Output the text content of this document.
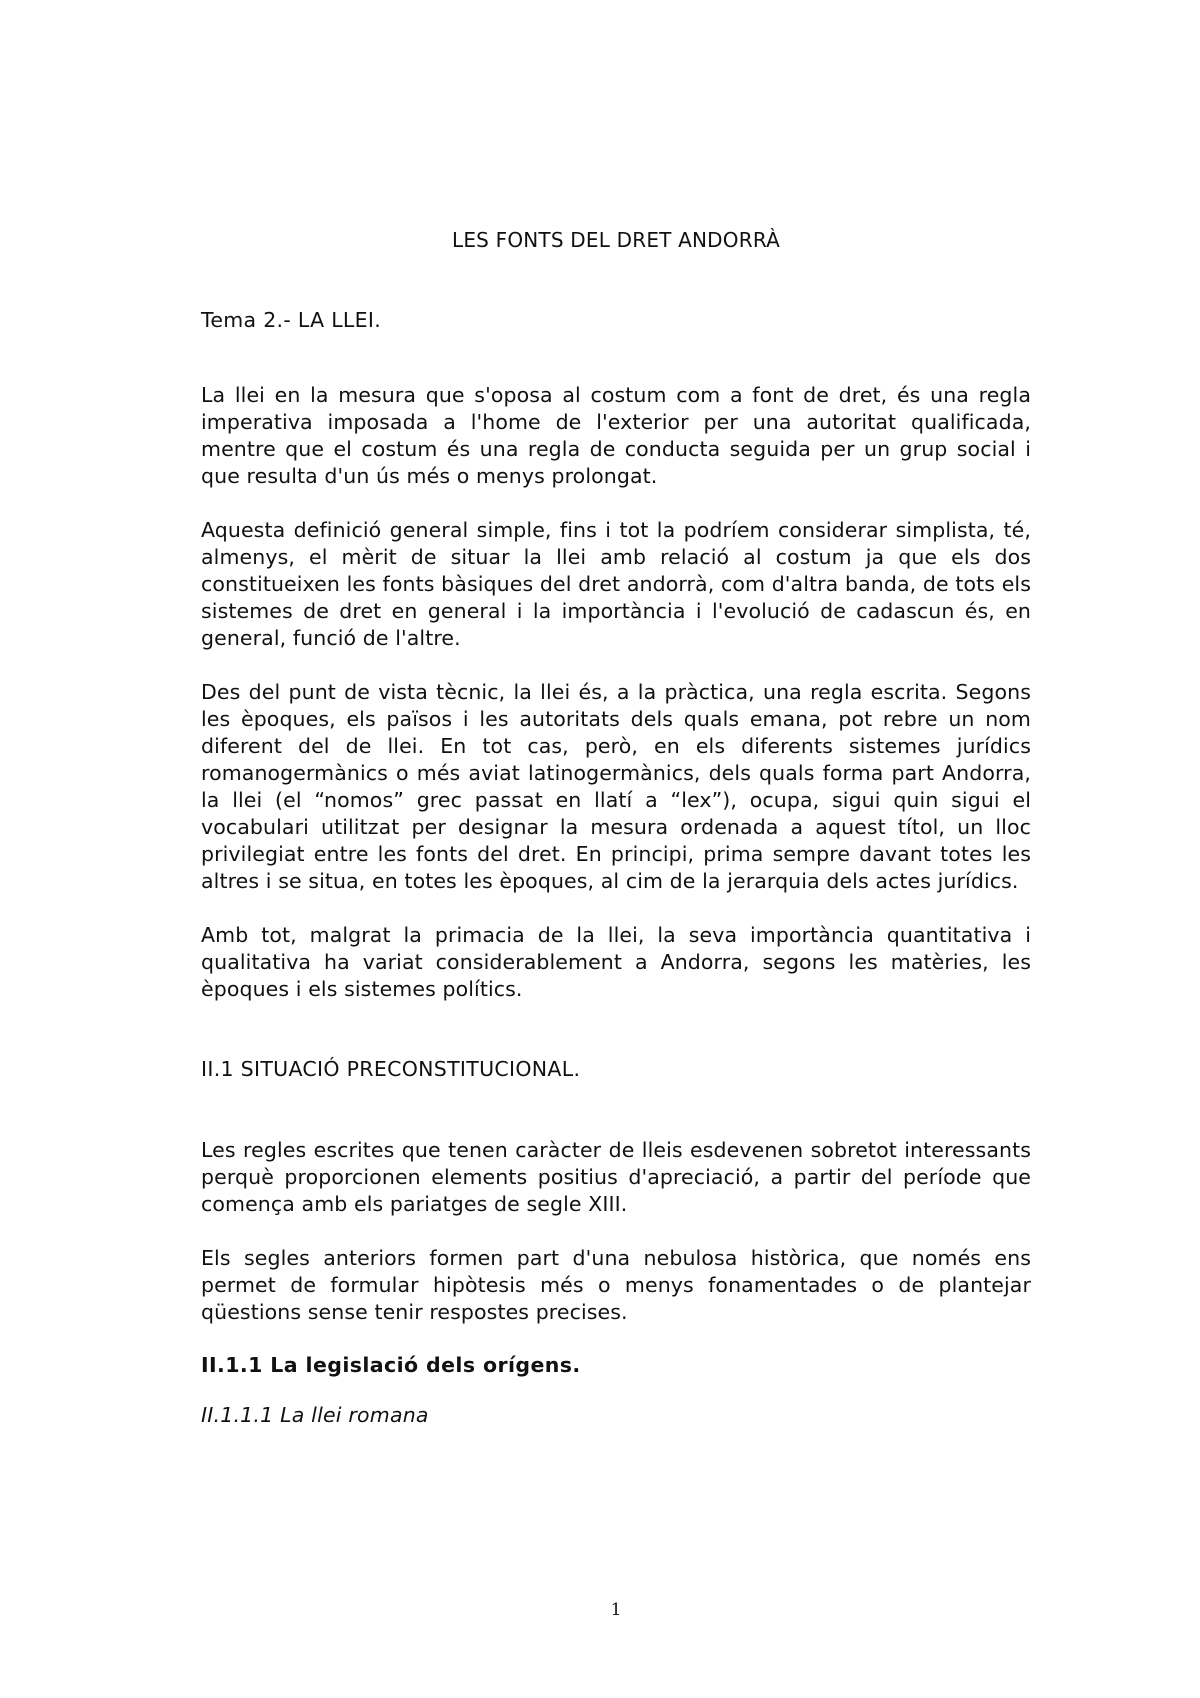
LES FONTS DEL DRET ANDORRÀ
Tema 2.- LA LLEI.

La llei en la mesura que s'oposa al costum com a font de dret, és una regla imperativa imposada a l'home de l'exterior per una autoritat qualificada, mentre que el costum és una regla de conducta seguida per un grup social i que resulta d'un ús més o menys prolongat.

Aquesta definició general simple, fins i tot la podríem considerar simplista, té, almenys, el mèrit de situar la llei amb relació al costum ja que els dos constitueixen les fonts bàsiques del dret andorrà, com d'altra banda, de tots els sistemes de dret en general i la importància i l'evolució de cadascun és, en general, funció de l'altre.

Des del punt de vista tècnic, la llei és, a la pràctica, una regla escrita. Segons les èpoques, els països i les autoritats dels quals emana, pot rebre un nom diferent del de llei. En tot cas, però, en els diferents sistemes jurídics romanogermànics o més aviat latinogermànics, dels quals forma part Andorra, la llei (el “nomos” grec passat en llatí a “lex”), ocupa, sigui quin sigui el vocabulari utilitzat per designar la mesura ordenada a aquest títol, un lloc privilegiat entre les fonts del dret. En principi, prima sempre davant totes les altres i se situa, en totes les èpoques, al cim de la jerarquia dels actes jurídics.

Amb tot, malgrat la primacia de la llei, la seva importància quantitativa i qualitativa ha variat considerablement a Andorra, segons les matèries, les èpoques i els sistemes polítics.

II.1 SITUACIÓ PRECONSTITUCIONAL.

Les regles escrites que tenen caràcter de lleis esdevenen sobretot interessants perquè proporcionen elements positius d'apreciació, a partir del període que comença amb els pariatges de segle XIII.

Els segles anteriors formen part d'una nebulosa històrica, que només ens permet de formular hipòtesis més o menys fonamentades o de plantejar qüestions sense tenir respostes precises.

II.1.1 La legislació dels orígens.
II.1.1.1 La llei romana
1
